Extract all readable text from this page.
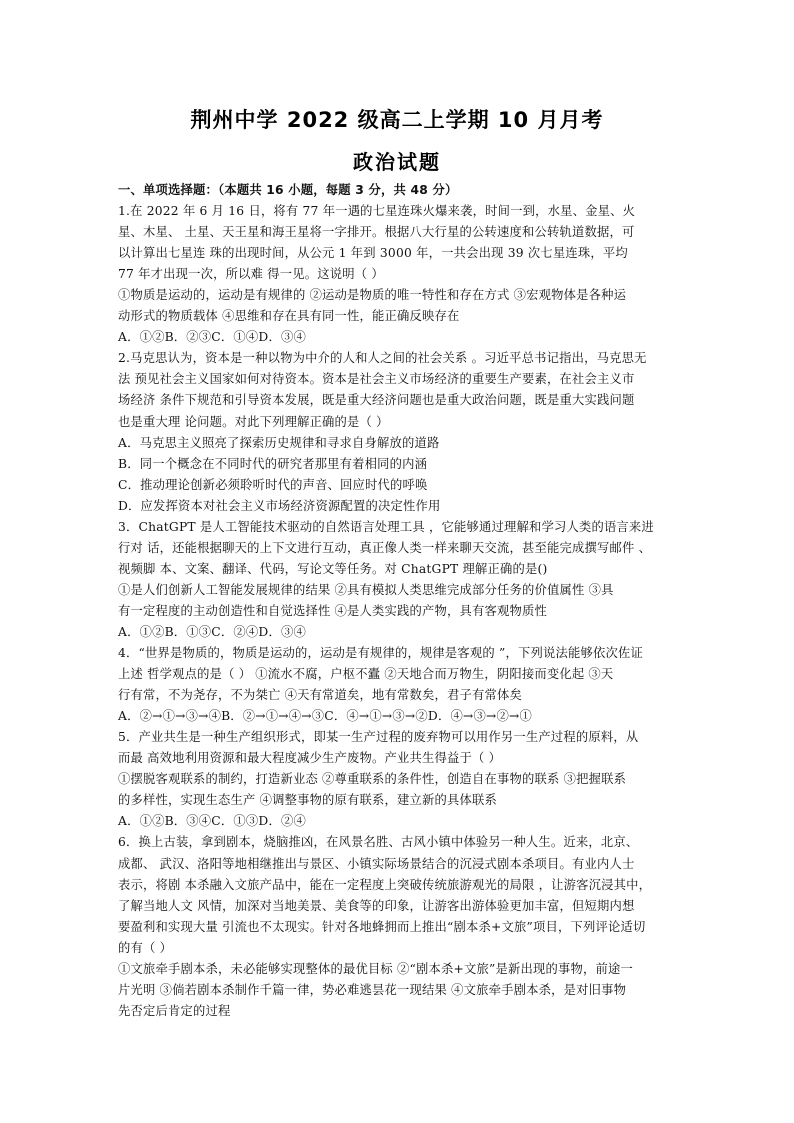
荆州中学 2022 级高二上学期 10 月月考
政治试题
一、单项选择题：（本题共 16 小题，每题 3 分，共 48 分）
1.在 2022 年 6 月 16 日，将有 77 年一遇的七星连珠火爆来袭，时间一到，水星、金星、火
星、木星、 土星、天王星和海王星将一字排开。根据八大行星的公转速度和公转轨道数据，可
以计算出七星连 珠的出现时间，从公元 1 年到 3000 年，一共会出现 39 次七星连珠，平均
77 年才出现一次，所以难 得一见。这说明（ ）
①物质是运动的，运动是有规律的 ②运动是物质的唯一特性和存在方式 ③宏观物体是各种运
动形式的物质载体 ④思维和存在具有同一性，能正确反映存在
A．①②B．②③C．①④D．③④
2.马克思认为，资本是一种以物为中介的人和人之间的社会关系 。习近平总书记指出，马克思无
法 预见社会主义国家如何对待资本。资本是社会主义市场经济的重要生产要素，在社会主义市
场经济 条件下规范和引导资本发展，既是重大经济问题也是重大政治问题，既是重大实践问题
也是重大理 论问题。对此下列理解正确的是（ ）
A．马克思主义照亮了探索历史规律和寻求自身解放的道路
B．同一个概念在不同时代的研究者那里有着相同的内涵
C．推动理论创新必须聆听时代的声音、回应时代的呼唤
D．应发挥资本对社会主义市场经济资源配置的决定性作用
3．ChatGPT 是人工智能技术驱动的自然语言处理工具 ，它能够通过理解和学习人类的语言来进
行对 话，还能根据聊天的上下文进行互动，真正像人类一样来聊天交流，甚至能完成撰写邮件 、
视频脚 本、文案、翻译、代码，写论文等任务。对 ChatGPT 理解正确的是()
①是人们创新人工智能发展规律的结果 ②具有模拟人类思维完成部分任务的价值属性 ③具
有一定程度的主动创造性和自觉选择性 ④是人类实践的产物，具有客观物质性
A．①②B．①③C．②④D．③④
4．“世界是物质的，物质是运动的，运动是有规律的，规律是客观的 ”，下列说法能够依次佐证
上述 哲学观点的是（ ） ①流水不腐，户枢不蠹 ②天地合而万物生，阴阳接而变化起 ③天
行有常，不为尧存，不为桀亡 ④天有常道矣，地有常数矣，君子有常体矣
A．②→①→③→④B．②→①→④→③C．④→①→③→②D．④→③→②→①
5．产业共生是一种生产组织形式，即某一生产过程的废弃物可以用作另一生产过程的原料，从
而最 高效地利用资源和最大程度减少生产废物。产业共生得益于（ ）
①摆脱客观联系的制约，打造新业态 ②尊重联系的条件性，创造自在事物的联系 ③把握联系
的多样性，实现生态生产 ④调整事物的原有联系，建立新的具体联系
A．①②B．③④C．①③D．②④
6．换上古装，拿到剧本，烧脑推凶，在风景名胜、古风小镇中体验另一种人生。近来，北京、
成都、 武汉、洛阳等地相继推出与景区、小镇实际场景结合的沉浸式剧本杀项目。有业内人士
表示，将剧 本杀融入文旅产品中，能在一定程度上突破传统旅游观光的局限 ，让游客沉浸其中，
了解当地人文 风情，加深对当地美景、美食等的印象，让游客出游体验更加丰富，但短期内想
要盈利和实现大量 引流也不太现实。针对各地蜂拥而上推出“剧本杀+文旅”项目，下列评论适切
的有（ ）
①文旅牵手剧本杀，未必能够实现整体的最优目标 ②“剧本杀+文旅”是新出现的事物，前途一
片光明 ③倘若剧本杀制作千篇一律，势必难逃昙花一现结果 ④文旅牵手剧本杀，是对旧事物
先否定后肯定的过程
